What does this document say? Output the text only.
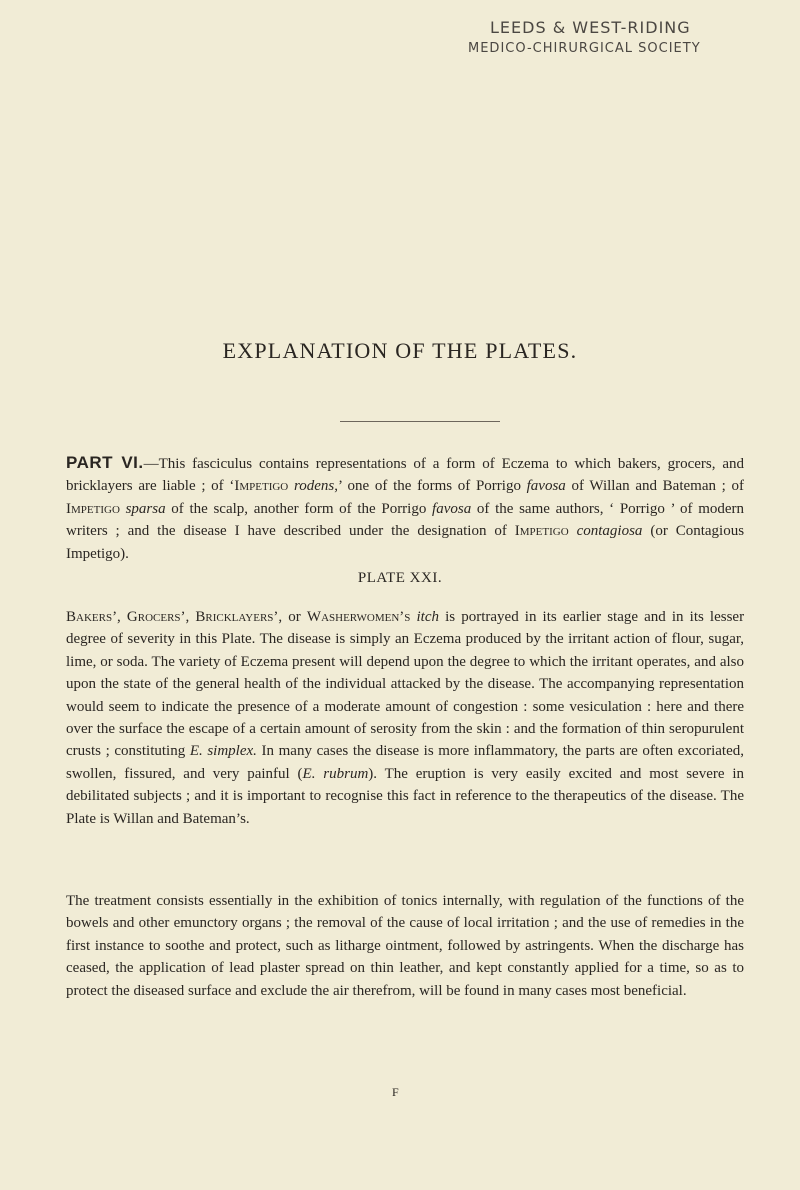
LEEDS & WEST-RIDING
MEDICO-CHIRURGICAL SOCIETY
EXPLANATION OF THE PLATES.

PART VI.—This fasciculus contains representations of a form of Eczema to which bakers, grocers, and bricklayers are liable ; of ‘Impetigo rodens,’ one of the forms of Porrigo favosa of Willan and Bateman ; of Impetigo sparsa of the scalp, another form of the Porrigo favosa of the same authors, ‘ Porrigo ’ of modern writers ; and the disease I have described under the designation of Impetigo contagiosa (or Contagious Impetigo).

PLATE XXI.

Bakers’, Grocers’, Bricklayers’, or Washerwomen’s itch is portrayed in its earlier stage and in its lesser degree of severity in this Plate. The disease is simply an Eczema produced by the irritant action of flour, sugar, lime, or soda. The variety of Eczema present will depend upon the degree to which the irritant operates, and also upon the state of the general health of the individual attacked by the disease. The accompanying representation would seem to indicate the presence of a moderate amount of congestion : some vesiculation : here and there over the surface the escape of a certain amount of serosity from the skin : and the formation of thin seropurulent crusts ; constituting E. simplex. In many cases the disease is more inflammatory, the parts are often excoriated, swollen, fissured, and very painful (E. rubrum). The eruption is very easily excited and most severe in debilitated subjects ; and it is important to recognise this fact in reference to the therapeutics of the disease. The Plate is Willan and Bateman’s.

The treatment consists essentially in the exhibition of tonics internally, with regulation of the functions of the bowels and other emunctory organs ; the removal of the cause of local irritation ; and the use of remedies in the first instance to soothe and protect, such as litharge ointment, followed by astringents. When the discharge has ceased, the application of lead plaster spread on thin leather, and kept constantly applied for a time, so as to protect the diseased surface and exclude the air therefrom, will be found in many cases most beneficial.

F
